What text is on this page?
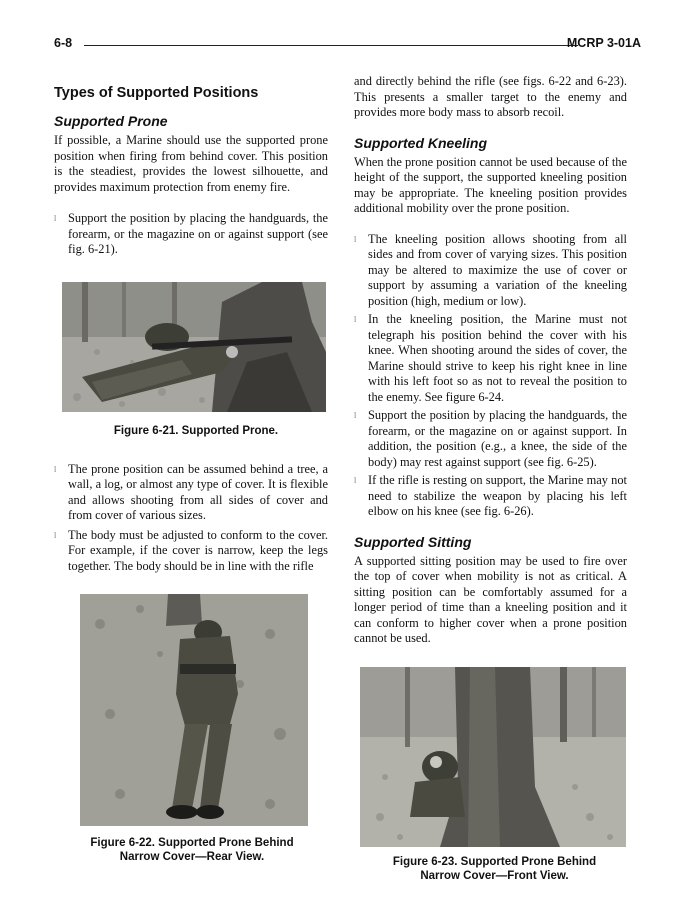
6-8	MCRP 3-01A
Types of Supported Positions
Supported Prone

If possible, a Marine should use the supported prone position when firing from behind cover. This position is the steadiest, provides the lowest silhouette, and provides maximum protection from enemy fire.

l Support the position by placing the handguards, the forearm, or the magazine on or against support (see fig. 6-21).
Figure 6-21. Supported Prone.
l The prone position can be assumed behind a tree, a wall, a log, or almost any type of cover. It is flexible and allows shooting from all sides of cover and from cover of various sizes.
l The body must be adjusted to conform to the cover. For example, if the cover is narrow, keep the legs together. The body should be in line with the rifle
Figure 6-22. Supported Prone Behind
Narrow Cover—Rear View.

and directly behind the rifle (see figs. 6-22 and 6-23). This presents a smaller target to the enemy and provides more body mass to absorb recoil.

Supported Kneeling

When the prone position cannot be used because of the height of the support, the supported kneeling position may be appropriate. The kneeling position provides additional mobility over the prone position.

l The kneeling position allows shooting from all sides and from cover of varying sizes. This position may be altered to maximize the use of cover or support by assuming a variation of the kneeling position (high, medium or low).
l In the kneeling position, the Marine must not telegraph his position behind the cover with his knee. When shooting around the sides of cover, the Marine should strive to keep his right knee in line with his left foot so as not to reveal the position to the enemy. See figure 6-24.
l Support the position by placing the handguards, the forearm, or the magazine on or against support. In addition, the position (e.g., a knee, the side of the body) may rest against support (see fig. 6-25).
l If the rifle is resting on support, the Marine may not need to stabilize the weapon by placing his left elbow on his knee (see fig. 6-26).
Supported Sitting

A supported sitting position may be used to fire over the top of cover when mobility is not as critical. A sitting position can be comfortably assumed for a longer period of time than a kneeling position and it can conform to higher cover when a prone position cannot be used.

Figure 6-23. Supported Prone Behind
Narrow Cover—Front View.
